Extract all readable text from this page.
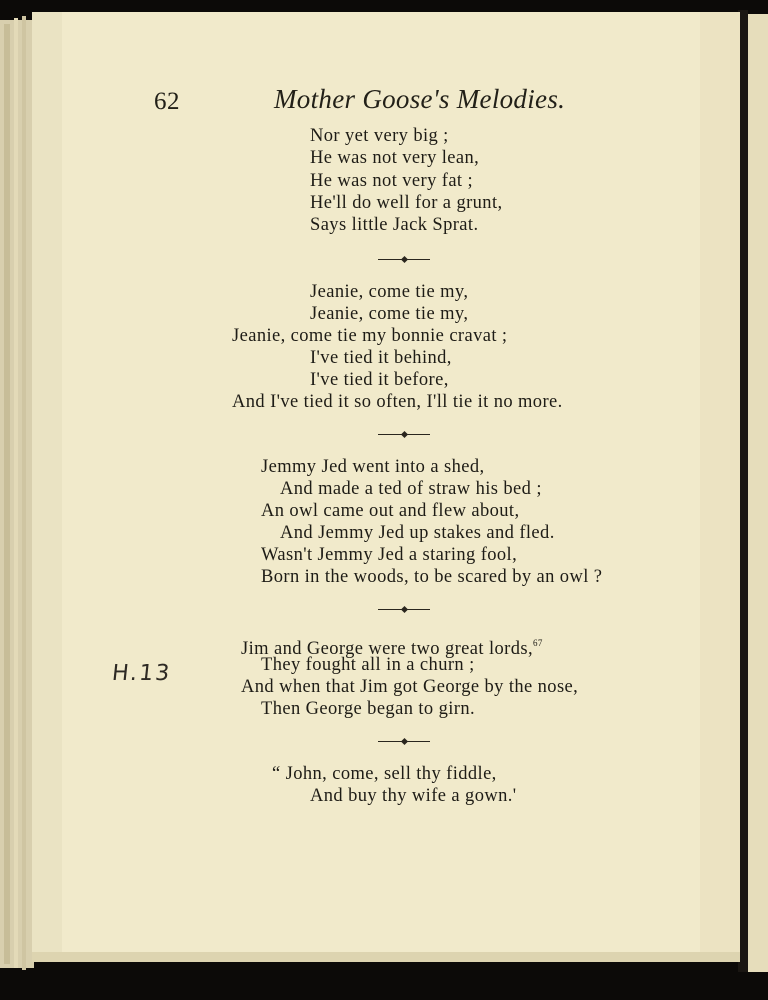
62	Mother Goose's Melodies.
Nor yet very big ;
He was not very lean,
He was not very fat ;
He'll do well for a grunt,
Says little Jack Sprat.
Jeanie, come tie my,
Jeanie, come tie my,
Jeanie, come tie my bonnie cravat ;
I've tied it behind,
I've tied it before,
And I've tied it so often, I'll tie it no more.
Jemmy Jed went into a shed,
And made a ted of straw his bed ;
An owl came out and flew about,
And Jemmy Jed up stakes and fled.
Wasn't Jemmy Jed a staring fool,
Born in the woods, to be scared by an owl ?
Jim and George were two great lords,$^{67}$
They fought all in a churn ;
And when that Jim got George by the nose,
Then George began to girn.
H.13
“ John, come, sell thy fiddle,
And buy thy wife a gown.'
